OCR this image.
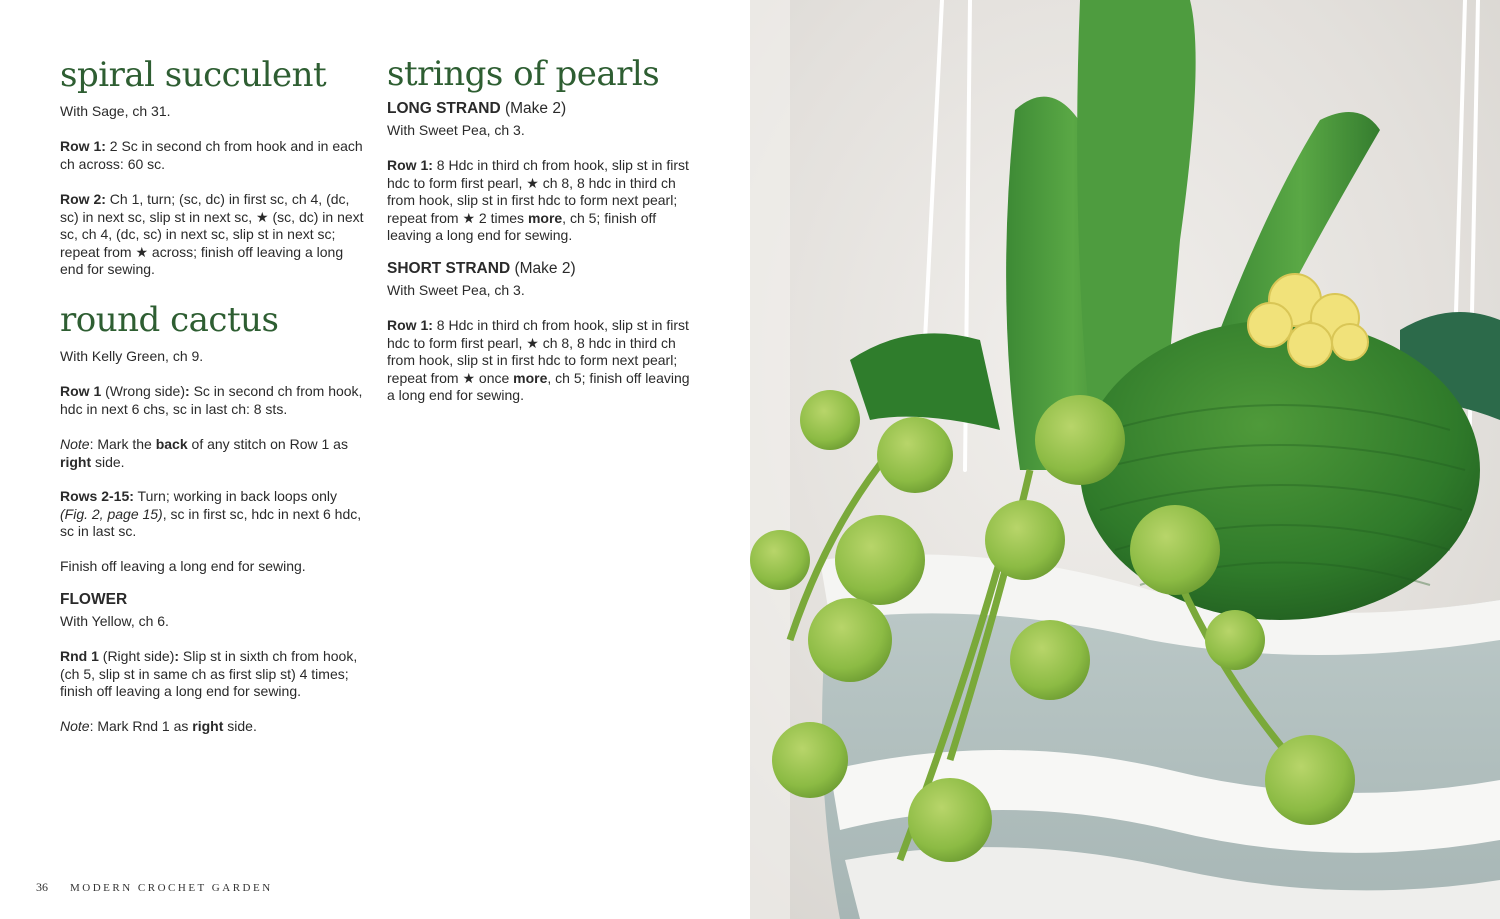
spiral succulent

With Sage, ch 31.

Row 1: 2 Sc in second ch from hook and in each ch across: 60 sc.

Row 2: Ch 1, turn; (sc, dc) in first sc, ch 4, (dc, sc) in next sc, slip st in next sc, ★ (sc, dc) in next sc, ch 4, (dc, sc) in next sc, slip st in next sc; repeat from ★ across; finish off leaving a long end for sewing.

round cactus

With Kelly Green, ch 9.

Row 1 (Wrong side): Sc in second ch from hook, hdc in next 6 chs, sc in last ch: 8 sts.

Note: Mark the back of any stitch on Row 1 as right side.

Rows 2-15: Turn; working in back loops only (Fig. 2, page 15), sc in first sc, hdc in next 6 hdc, sc in last sc.

Finish off leaving a long end for sewing.

FLOWER

With Yellow, ch 6.

Rnd 1 (Right side): Slip st in sixth ch from hook, (ch 5, slip st in same ch as first slip st) 4 times; finish off leaving a long end for sewing.

Note: Mark Rnd 1 as right side.

strings of pearls

LONG STRAND (Make 2)

With Sweet Pea, ch 3.

Row 1: 8 Hdc in third ch from hook, slip st in first hdc to form first pearl, ★ ch 8, 8 hdc in third ch from hook, slip st in first hdc to form next pearl; repeat from ★ 2 times more, ch 5; finish off leaving a long end for sewing.

SHORT STRAND (Make 2)

With Sweet Pea, ch 3.

Row 1: 8 Hdc in third ch from hook, slip st in first hdc to form first pearl, ★ ch 8, 8 hdc in third ch from hook, slip st in first hdc to form next pearl; repeat from ★ once more, ch 5; finish off leaving a long end for sewing.

36 MODERN CROCHET GARDEN
